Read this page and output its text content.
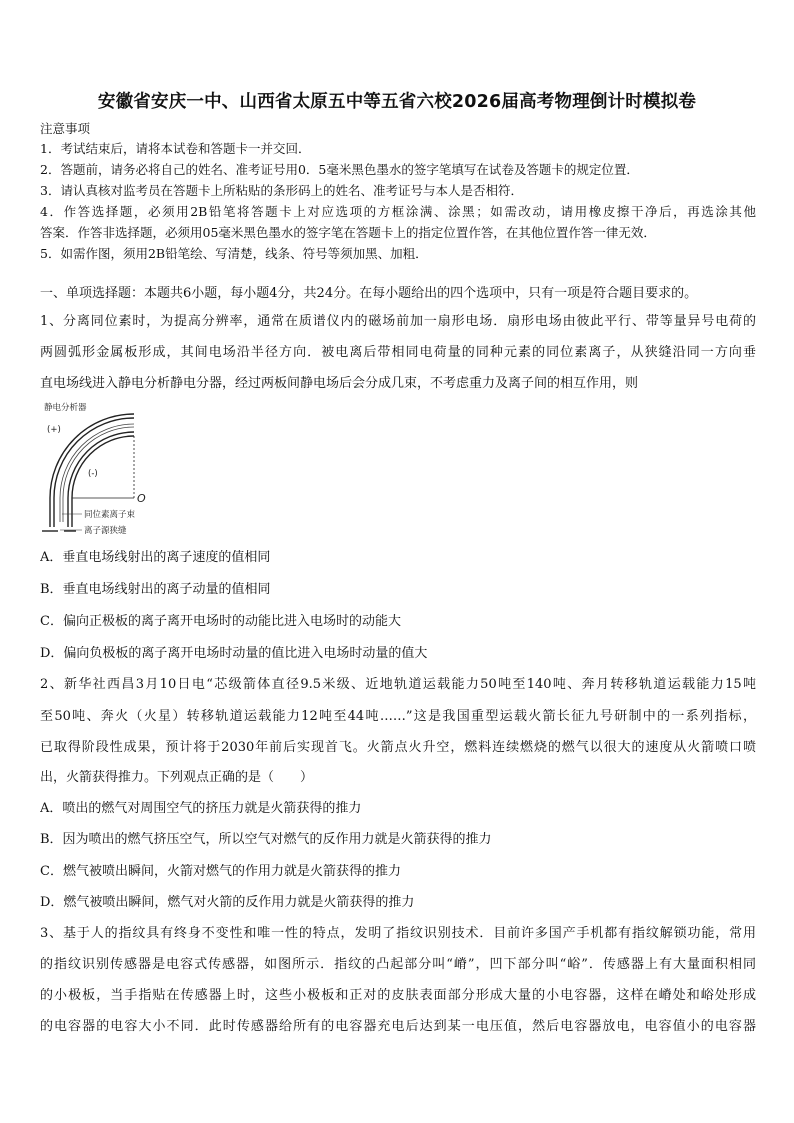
安徽省安庆一中、山西省太原五中等五省六校2026届高考物理倒计时模拟卷
注意事项
1．考试结束后，请将本试卷和答题卡一并交回．
2．答题前，请务必将自己的姓名、准考证号用0．5毫米黑色墨水的签字笔填写在试卷及答题卡的规定位置．
3．请认真核对监考员在答题卡上所粘贴的条形码上的姓名、准考证号与本人是否相符．
4．作答选择题，必须用2B铅笔将答题卡上对应选项的方框涂满、涂黑；如需改动，请用橡皮擦干净后，再选涂其他
答案．作答非选择题，必须用05毫米黑色墨水的签字笔在答题卡上的指定位置作答，在其他位置作答一律无效．
5．如需作图，须用2B铅笔绘、写清楚，线条、符号等须加黑、加粗．
一、单项选择题：本题共6小题，每小题4分，共24分。在每小题给出的四个选项中，只有一项是符合题目要求的。
1、分离同位素时，为提高分辨率，通常在质谱仪内的磁场前加一扇形电场．扇形电场由彼此平行、带等量异号电荷的
两圆弧形金属板形成，其间电场沿半径方向．被电离后带相同电荷量的同种元素的同位素离子，从狭缝沿同一方向垂
直电场线进入静电分析静电分器，经过两板间静电场后会分成几束，不考虑重力及离子间的相互作用，则
静电分析器
(+)
(-)
O
同位素离子束
离子源狭缝
A．垂直电场线射出的离子速度的值相同
B．垂直电场线射出的离子动量的值相同
C．偏向正极板的离子离开电场时的动能比进入电场时的动能大
D．偏向负极板的离子离开电场时动量的值比进入电场时动量的值大
2、新华社西昌3月10日电“芯级箭体直径9.5米级、近地轨道运载能力50吨至140吨、奔月转移轨道运载能力15吨
至50吨、奔火（火星）转移轨道运载能力12吨至44吨……”这是我国重型运载火箭长征九号研制中的一系列指标，
已取得阶段性成果，预计将于2030年前后实现首飞。火箭点火升空，燃料连续燃烧的燃气以很大的速度从火箭喷口喷
出，火箭获得推力。下列观点正确的是（　　）
A．喷出的燃气对周围空气的挤压力就是火箭获得的推力
B．因为喷出的燃气挤压空气，所以空气对燃气的反作用力就是火箭获得的推力
C．燃气被喷出瞬间，火箭对燃气的作用力就是火箭获得的推力
D．燃气被喷出瞬间，燃气对火箭的反作用力就是火箭获得的推力
3、基于人的指纹具有终身不变性和唯一性的特点，发明了指纹识别技术．目前许多国产手机都有指纹解锁功能，常用
的指纹识别传感器是电容式传感器，如图所示．指纹的凸起部分叫“嵴”，凹下部分叫“峪”．传感器上有大量面积相同
的小极板，当手指贴在传感器上时，这些小极板和正对的皮肤表面部分形成大量的小电容器，这样在嵴处和峪处形成
的电容器的电容大小不同．此时传感器给所有的电容器充电后达到某一电压值，然后电容器放电，电容值小的电容器
